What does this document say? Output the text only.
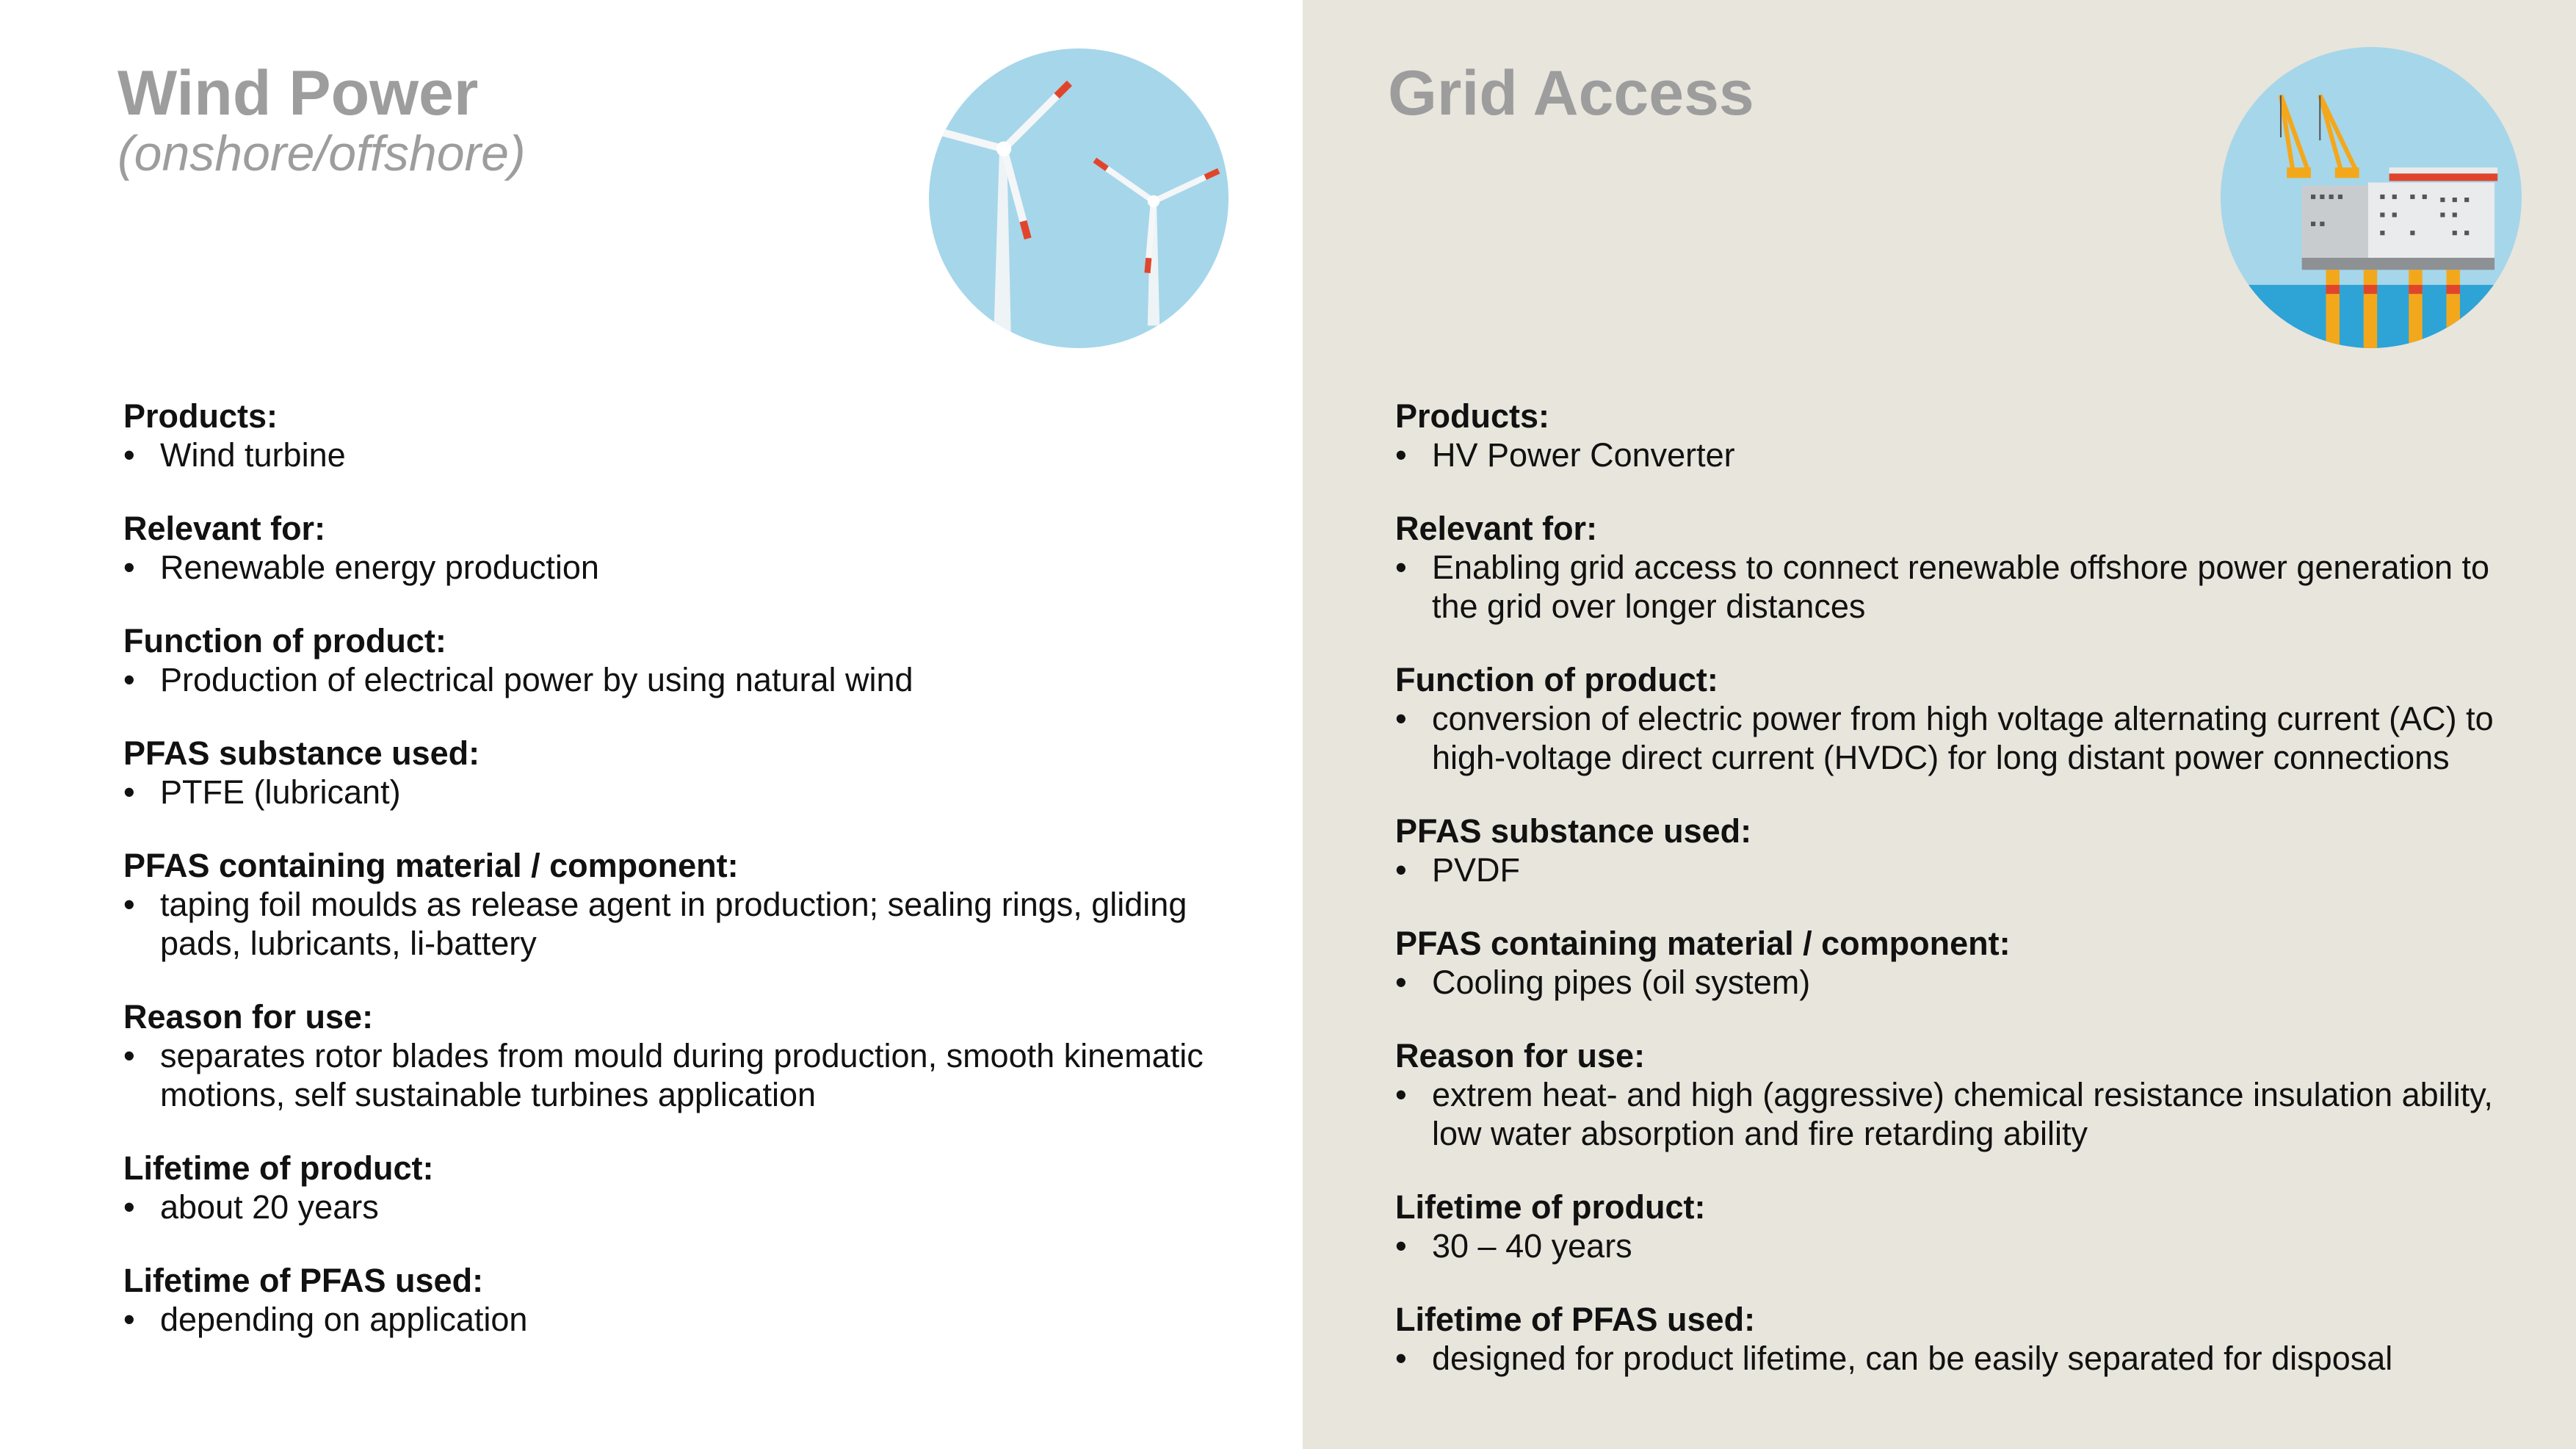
Wind Power
(onshore/offshore)

Products:

• Wind turbine

Relevant for:

• Renewable energy production

Function of product:

• Production of electrical power by using natural wind

PFAS substance used:

• PTFE (lubricant)

PFAS containing material / component:

• taping foil moulds as release agent in production; sealing rings, gliding pads, lubricants, li-battery

Reason for use:

• separates rotor blades from mould during production, smooth kinematic motions, self sustainable turbines application

Lifetime of product:

• about 20 years

Lifetime of PFAS used:

• depending on application

Grid Access

Products:

• HV Power Converter

Relevant for:

• Enabling grid access to connect renewable offshore power generation to the grid over longer distances

Function of product:

• conversion of electric power from high voltage alternating current (AC) to high-voltage direct current (HVDC) for long distant power connections

PFAS substance used:

• PVDF

PFAS containing material / component:

• Cooling pipes (oil system)

Reason for use:

• extrem heat- and high (aggressive) chemical resistance insulation ability, low water absorption and fire retarding ability

Lifetime of product:

• 30 – 40 years

Lifetime of PFAS used:

• designed for product lifetime, can be easily separated for disposal
